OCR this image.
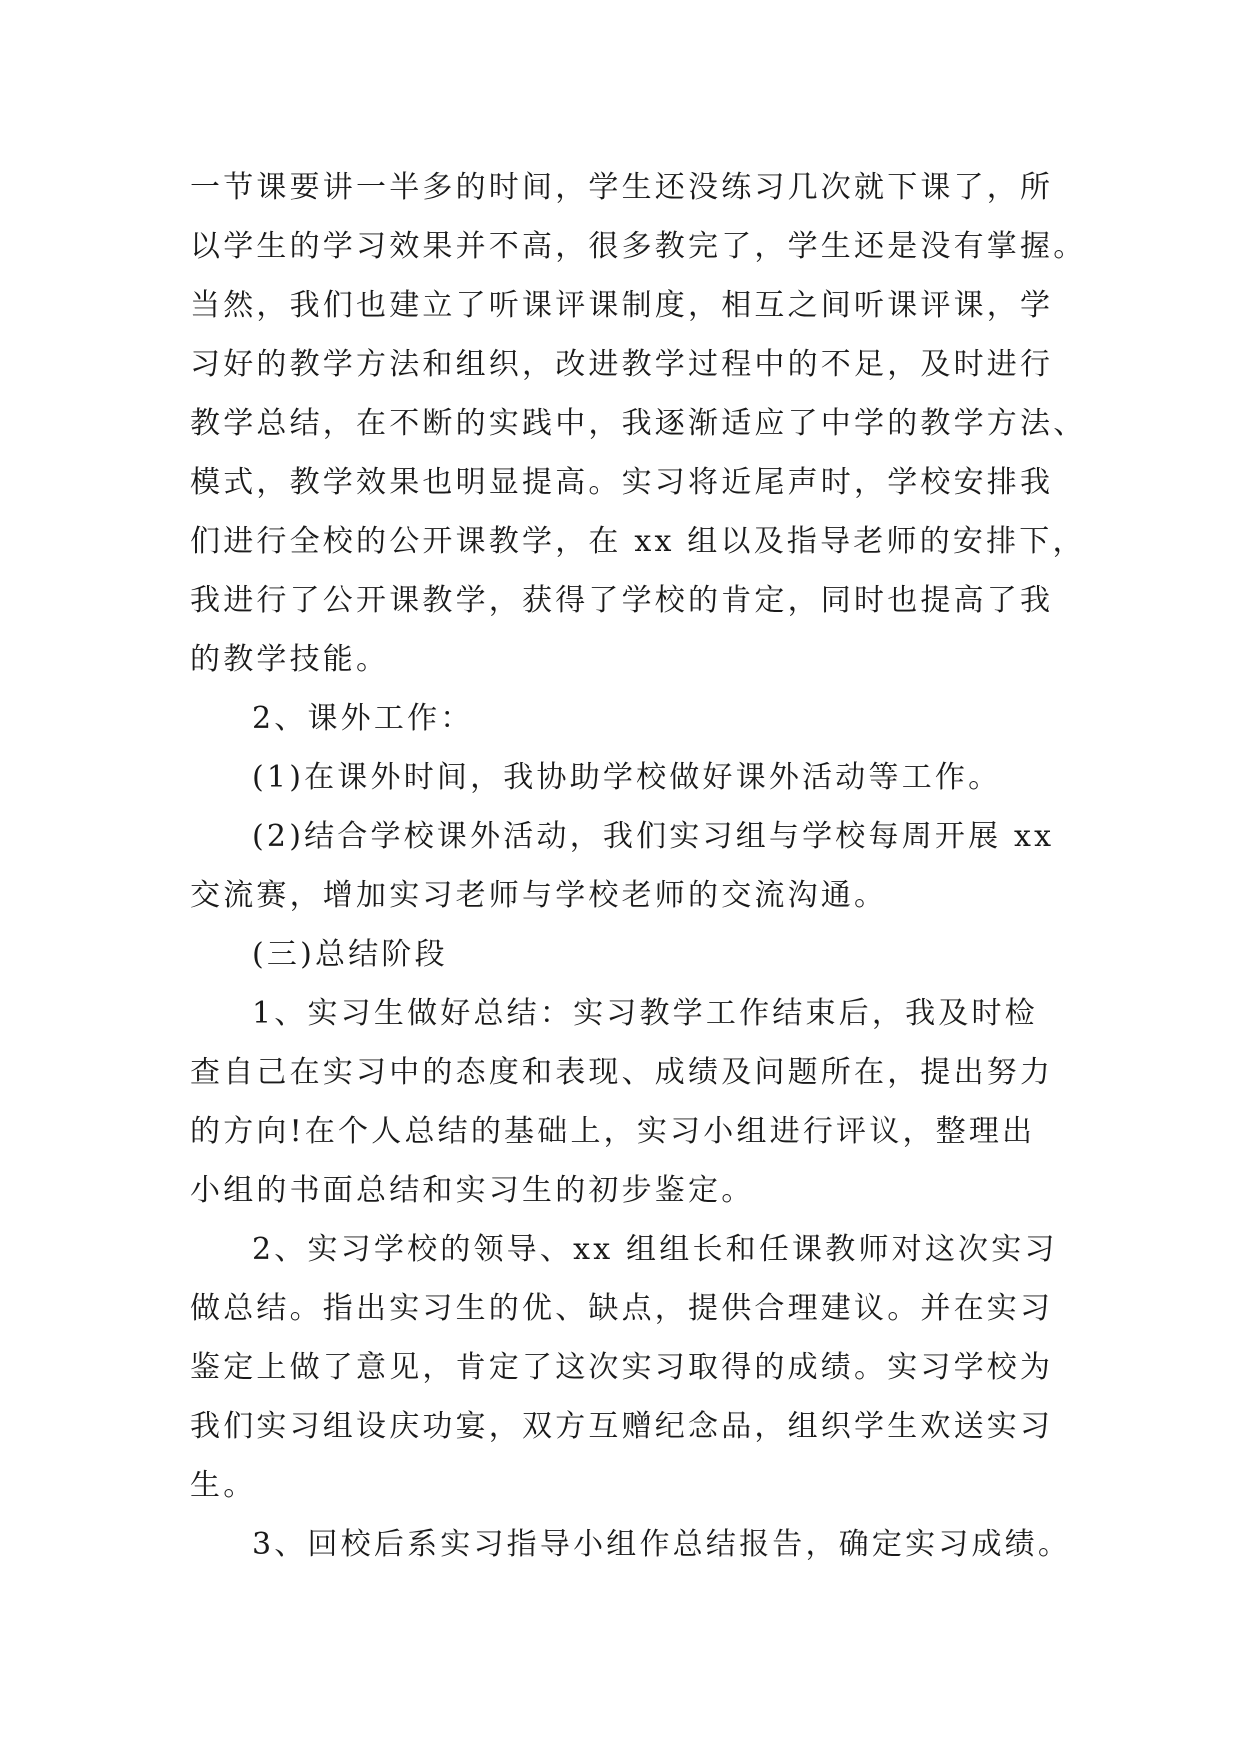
一节课要讲一半多的时间，学生还没练习几次就下课了，所

以学生的学习效果并不高，很多教完了，学生还是没有掌握。

当然，我们也建立了听课评课制度，相互之间听课评课，学

习好的教学方法和组织，改进教学过程中的不足，及时进行

教学总结，在不断的实践中，我逐渐适应了中学的教学方法、

模式，教学效果也明显提高。实习将近尾声时，学校安排我

们进行全校的公开课教学，在 xx 组以及指导老师的安排下，

我进行了公开课教学，获得了学校的肯定，同时也提高了我

的教学技能。

2、课外工作：

(1)在课外时间，我协助学校做好课外活动等工作。

(2)结合学校课外活动，我们实习组与学校每周开展 xx

交流赛，增加实习老师与学校老师的交流沟通。

(三)总结阶段

1、实习生做好总结：实习教学工作结束后，我及时检

查自己在实习中的态度和表现、成绩及问题所在，提出努力

的方向!在个人总结的基础上，实习小组进行评议，整理出

小组的书面总结和实习生的初步鉴定。

2、实习学校的领导、xx 组组长和任课教师对这次实习

做总结。指出实习生的优、缺点，提供合理建议。并在实习

鉴定上做了意见，肯定了这次实习取得的成绩。实习学校为

我们实习组设庆功宴，双方互赠纪念品，组织学生欢送实习

生。

3、回校后系实习指导小组作总结报告，确定实习成绩。
